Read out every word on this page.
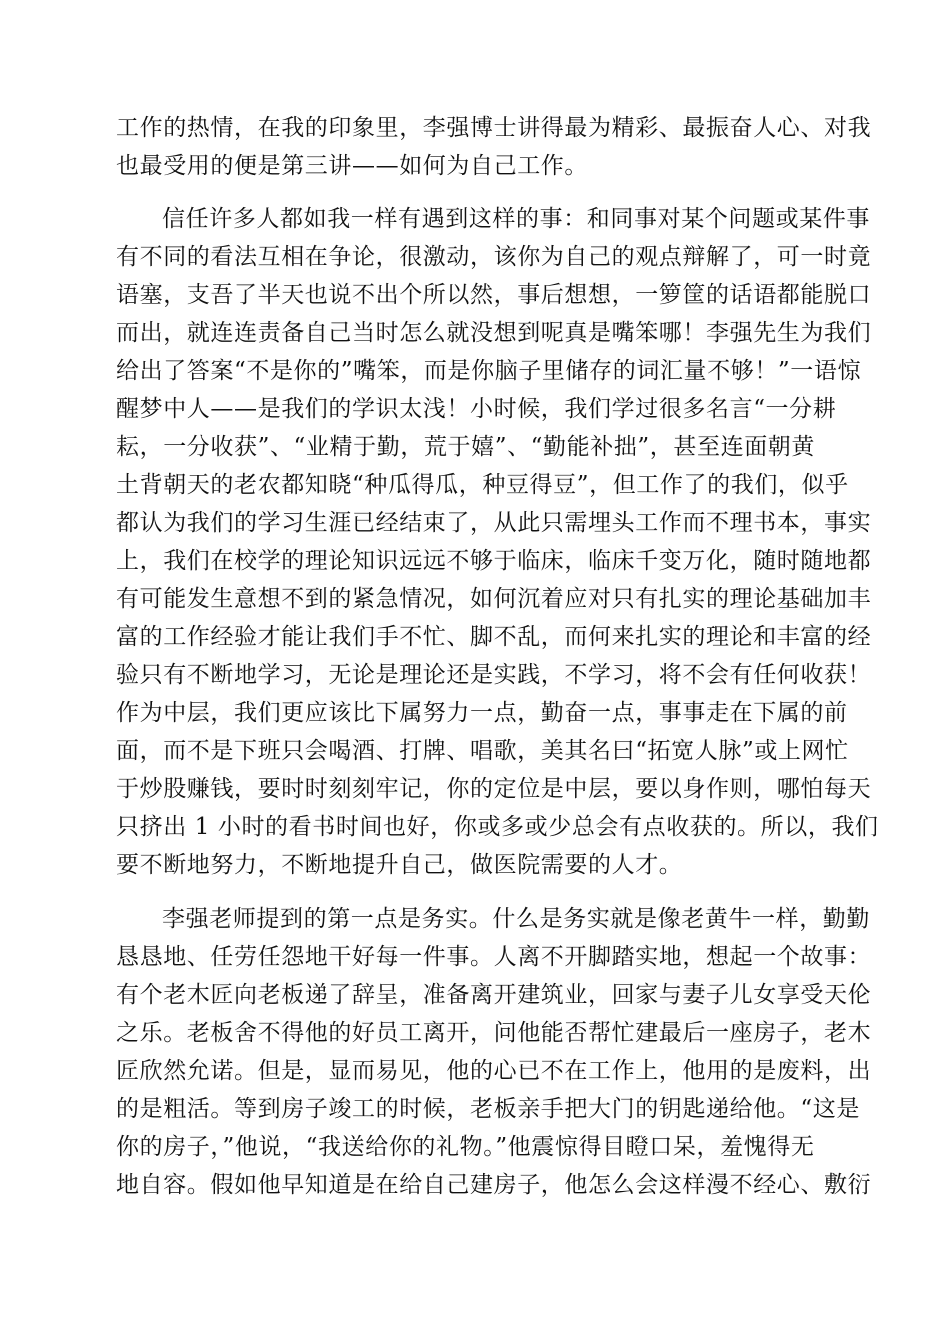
工作的热情，在我的印象里，李强博士讲得最为精彩、最振奋人心、对我
也最受用的便是第三讲——如何为自己工作。
信任许多人都如我一样有遇到这样的事：和同事对某个问题或某件事
有不同的看法互相在争论，很激动，该你为自己的观点辩解了，可一时竟
语塞，支吾了半天也说不出个所以然，事后想想，一箩筐的话语都能脱口
而出，就连连责备自己当时怎么就没想到呢真是嘴笨哪！李强先生为我们
给出了答案“不是你的”嘴笨，而是你脑子里储存的词汇量不够！”一语惊
醒梦中人——是我们的学识太浅！小时候，我们学过很多名言“一分耕
耘，一分收获”、“业精于勤，荒于嬉”、“勤能补拙”，甚至连面朝黄
土背朝天的老农都知晓“种瓜得瓜，种豆得豆”，但工作了的我们，似乎
都认为我们的学习生涯已经结束了，从此只需埋头工作而不理书本，事实
上，我们在校学的理论知识远远不够于临床，临床千变万化，随时随地都
有可能发生意想不到的紧急情况，如何沉着应对只有扎实的理论基础加丰
富的工作经验才能让我们手不忙、脚不乱，而何来扎实的理论和丰富的经
验只有不断地学习，无论是理论还是实践，不学习，将不会有任何收获！
作为中层，我们更应该比下属努力一点，勤奋一点，事事走在下属的前
面，而不是下班只会喝酒、打牌、唱歌，美其名曰“拓宽人脉”或上网忙
于炒股赚钱，要时时刻刻牢记，你的定位是中层，要以身作则，哪怕每天
只挤出 1 小时的看书时间也好，你或多或少总会有点收获的。所以，我们
要不断地努力，不断地提升自己，做医院需要的人才。
李强老师提到的第一点是务实。什么是务实就是像老黄牛一样，勤勤
恳恳地、任劳任怨地干好每一件事。人离不开脚踏实地，想起一个故事：
有个老木匠向老板递了辞呈，准备离开建筑业，回家与妻子儿女享受天伦
之乐。老板舍不得他的好员工离开，问他能否帮忙建最后一座房子，老木
匠欣然允诺。但是，显而易见，他的心已不在工作上，他用的是废料，出
的是粗活。等到房子竣工的时候，老板亲手把大门的钥匙递给他。“这是
你的房子，”他说，“我送给你的礼物。”他震惊得目瞪口呆，羞愧得无
地自容。假如他早知道是在给自己建房子，他怎么会这样漫不经心、敷衍
